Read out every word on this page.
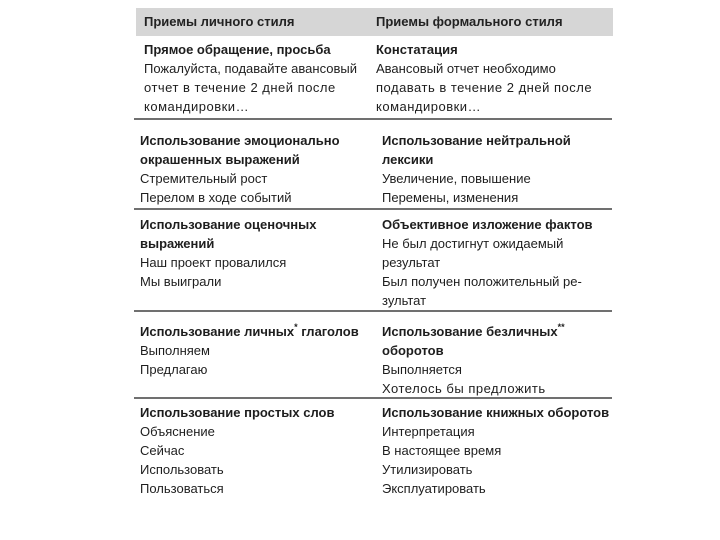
Приемы личного стиля	Приемы формального стиля
Прямое обращение, просьба
Пожалуйста, подавайте авансовый
отчет в течение 2 дней после
командировки…
Констатация
Авансовый отчет необходимо
подавать в течение 2 дней после
командировки…
Использование эмоционально
окрашенных выражений
Стремительный рост
Перелом в ходе событий
Использование нейтральной
лексики
Увеличение, повышение
Перемены, изменения
Использование оценочных
выражений
Наш проект провалился
Мы выиграли
Объективное изложение фактов
Не был достигнут ожидаемый
результат
Был получен положительный ре-
зультат
Использование личных* глаголов
Выполняем
Предлагаю
Использование безличных**
оборотов
Выполняется
Хотелось бы предложить
Использование простых слов
Объяснение
Сейчас
Использовать
Пользоваться
Использование книжных оборотов
Интерпретация
В настоящее время
Утилизировать
Эксплуатировать
